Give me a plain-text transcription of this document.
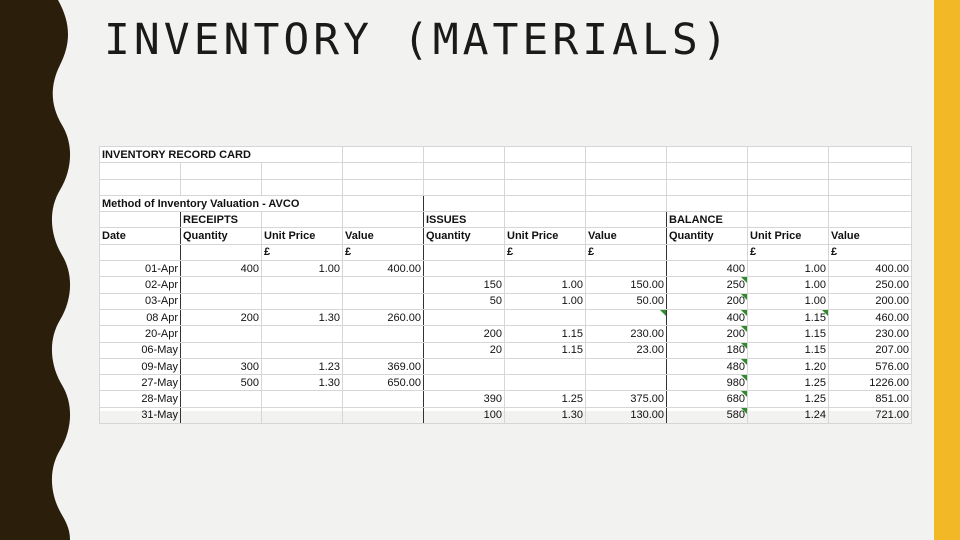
INVENTORY (MATERIALS)
INVENTORY RECORD CARD									

Method of Inventory Valuation - AVCO									
	RECEIPTS			ISSUES			BALANCE		
Date	Quantity	Unit Price	Value	Quantity	Unit Price	Value	Quantity	Unit Price	Value
		£	£		£	£		£	£
01-Apr	400	1.00	400.00				400	1.00	400.00
02-Apr				150	1.00	150.00	250	1.00	250.00
03-Apr				50	1.00	50.00	200	1.00	200.00
08 Apr	200	1.30	260.00				400	1.15	460.00
20-Apr				200	1.15	230.00	200	1.15	230.00
06-May				20	1.15	23.00	180	1.15	207.00
09-May	300	1.23	369.00				480	1.20	576.00
27-May	500	1.30	650.00				980	1.25	1226.00
28-May				390	1.25	375.00	680	1.25	851.00
31-May				100	1.30	130.00	580	1.24	721.00
